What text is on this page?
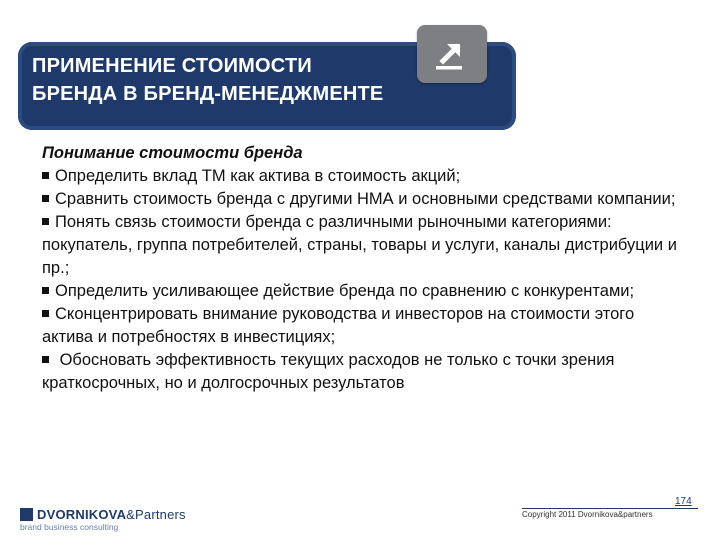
ПРИМЕНЕНИЕ СТОИМОСТИ
БРЕНДА В БРЕНД-МЕНЕДЖМЕНТЕ
Понимание стоимости бренда
Определить вклад ТМ как актива в стоимость акций;
Сравнить стоимость бренда с другими НМА и основными средствами компании;
Понять связь стоимости бренда с различными рыночными категориями: покупатель, группа потребителей, страны, товары и услуги, каналы дистрибуции и пр.;
Определить усиливающее действие бренда по сравнению с конкурентами;
Сконцентрировать внимание руководства и инвесторов на стоимости этого актива и потребностях в инвестициях;
Обосновать эффективность текущих расходов не только с точки зрения краткосрочных, но и долгосрочных результатов
DVORNIKOVA&Partners
brand business consulting
174
Copyright 2011 Dvornikova&partners
